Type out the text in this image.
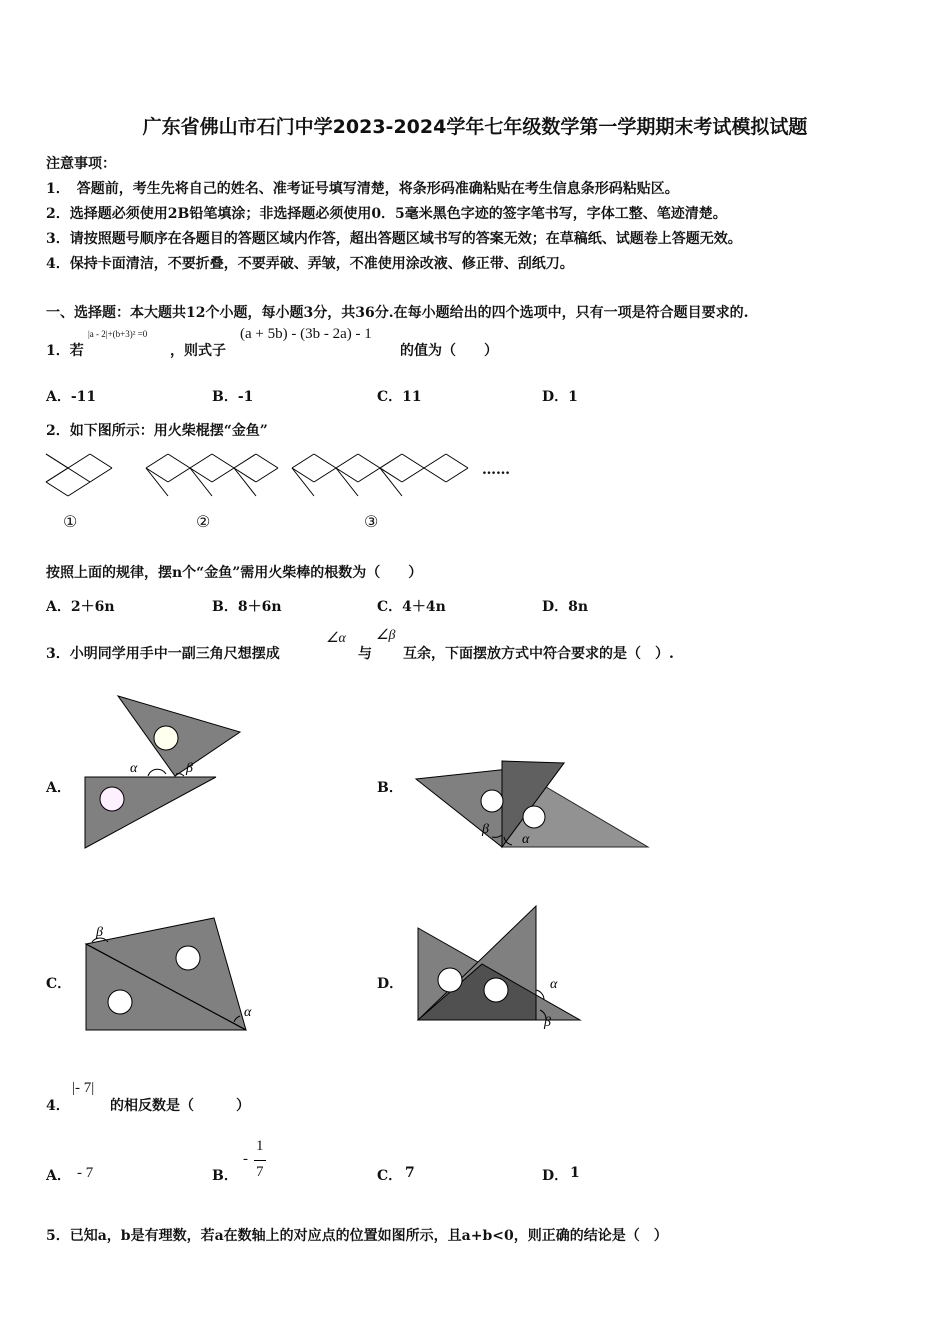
广东省佛山市石门中学2023-2024学年七年级数学第一学期期末考试模拟试题
注意事项：
1．　答题前，考生先将自己的姓名、准考证号填写清楚，将条形码准确粘贴在考生信息条形码粘贴区。
2．选择题必须使用2B铅笔填涂；非选择题必须使用0．5毫米黑色字迹的签字笔书写，字体工整、笔迹清楚。
3．请按照题号顺序在各题目的答题区域内作答，超出答题区域书写的答案无效；在草稿纸、试题卷上答题无效。
4．保持卡面清洁，不要折叠，不要弄破、弄皱，不准使用涂改液、修正带、刮纸刀。
一、选择题：本大题共12个小题，每小题3分，共36分.在每小题给出的四个选项中，只有一项是符合题目要求的.
1．若
|a - 2|+(b+3)² =0
，则式子
(a + 5b) - (3b - 2a) - 1
的值为（　　）
A．-11	B．-1	C．11	D．1
2．如下图所示：用火柴棍摆“金鱼”
……
①	②	③
按照上面的规律，摆n个“金鱼”需用火柴棒的根数为（　　）
A．2＋6n	B．8＋6n	C．4＋4n	D．8n
3．小明同学用手中一副三角尺想摆成
∠α
与
∠β
互余，下面摆放方式中符合要求的是（　）.
A．	B．
C．	D．
α	β
β
α
β
α
α
β
4．
|- 7|
的相反数是（　　　）
A． - 7	B．
-
1
7	C． 7	D． 1
5．已知a，b是有理数，若a在数轴上的对应点的位置如图所示，且a+b<0，则正确的结论是（　）
